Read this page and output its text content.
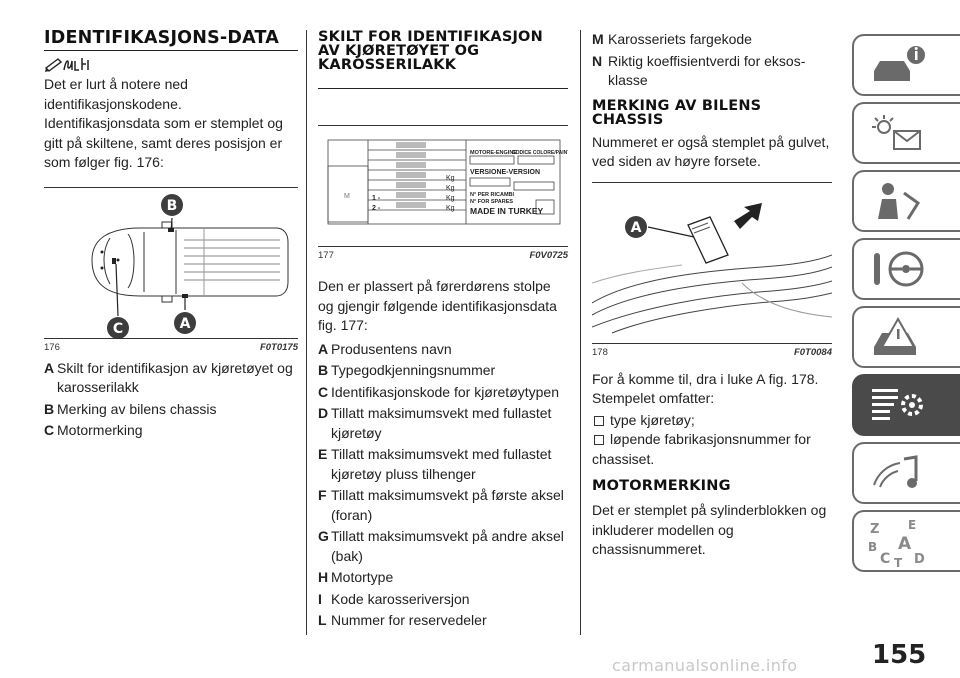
IDENTIFIKASJONS-DATA

Det er lurt å notere ned identifikasjonskodene.

Identifikasjonsdata som er stemplet og gitt på skiltene, samt deres posisjon er som følger fig. 176:

B
C	A
176	F0T0175
A Skilt for identifikasjon av kjøretøyet og karosserilakk
B Merking av bilens chassis
C Motormerking
SKILT FOR IDENTIFIKASJON AV KJØRETØYET OG KAROSSERILAKK
MOTORE-ENGINE
CODICE COLORE/PAINT
VERSIONE-VERSION
Kg
Kg
Kg
Kg
1 -
2 -
N° PER RICAMBI
N° FOR SPARES
MADE IN TURKEY
M
177	F0V0725

Den er plassert på førerdørens stolpe og gjengir følgende identifikasjonsdata fig. 177:

A Produsentens navn
B Typegodkjenningsnummer
C Identifikasjonskode for kjøretøytypen
D Tillatt maksimumsvekt med fullastet kjøretøy
E Tillatt maksimumsvekt med fullastet kjøretøy pluss tilhenger
F Tillatt maksimumsvekt på første aksel (foran)
G Tillatt maksimumsvekt på andre aksel (bak)
H Motortype
I Kode karosseriversjon
L Nummer for reservedeler
M Karosseriets fargekode
N Riktig koeffisientverdi for eksos-klasse
MERKING AV BILENS CHASSIS

Nummeret er også stemplet på gulvet, ved siden av høyre forsete.

A
178	F0T0084

For å komme til, dra i luke A fig. 178. Stempelet omfatter:

type kjøretøy;
løpende fabrikasjonsnummer for

chassiset.

MOTORMERKING

Det er stemplet på sylinderblokken og inkluderer modellen og chassisnummeret.

Z E
B A
C T D
155
carmanualsonline.info
